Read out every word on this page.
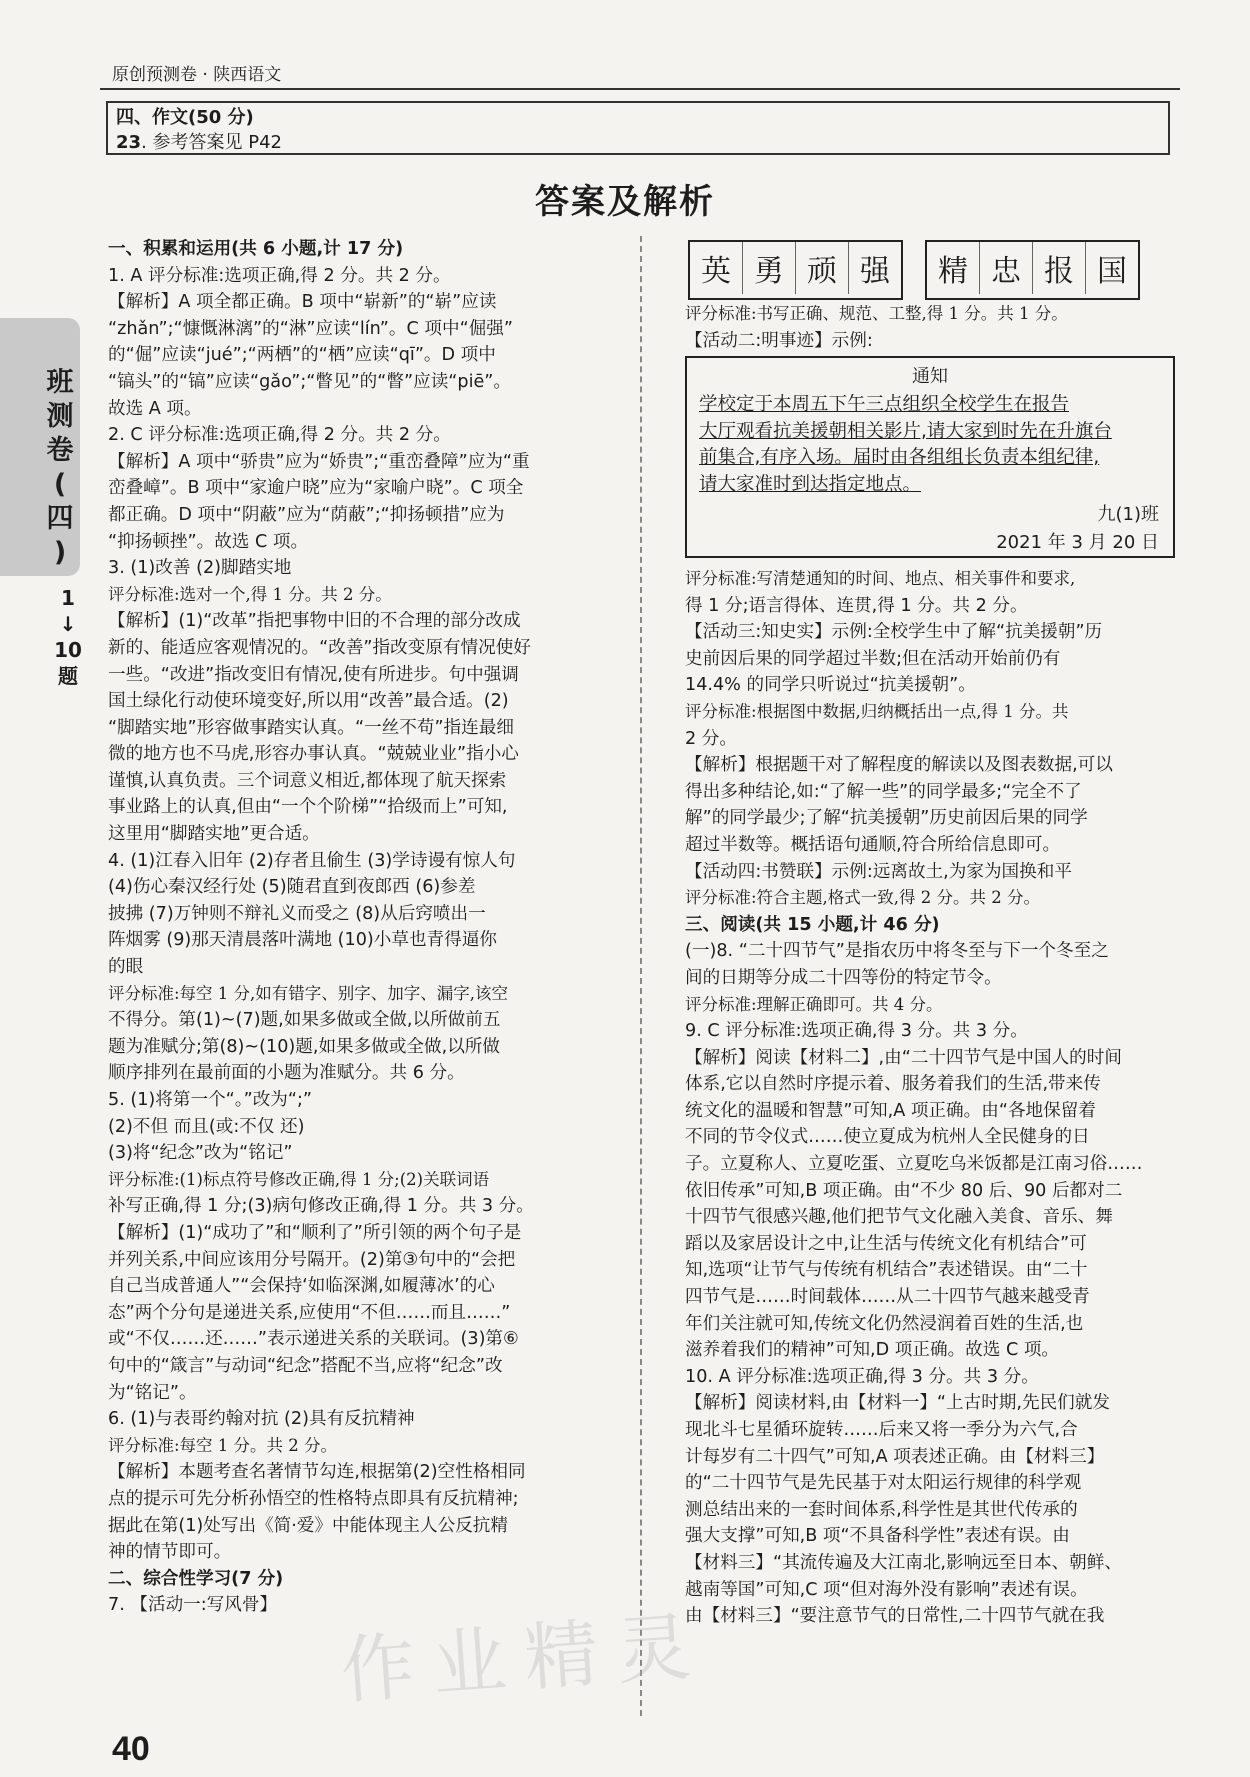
原创预测卷 · 陕西语文
四、作文(50 分)
23. 参考答案见 P42
答案及解析
班
测
卷
(
四
)
1
↓
10
题
一、积累和运用(共 6 小题,计 17 分)
1. A 评分标准:选项正确,得 2 分。共 2 分。
【解析】A 项全都正确。B 项中“崭新”的“崭”应读
“zhǎn”;“慷慨淋漓”的“淋”应读“lín”。C 项中“倔强”
的“倔”应读“jué”;“两栖”的“栖”应读“qī”。D 项中
“镐头”的“镐”应读“gǎo”;“瞥见”的“瞥”应读“piē”。
故选 A 项。
2. C 评分标准:选项正确,得 2 分。共 2 分。
【解析】A 项中“骄贵”应为“娇贵”;“重峦叠障”应为“重
峦叠嶂”。B 项中“家逾户晓”应为“家喻户晓”。C 项全
都正确。D 项中“阴蔽”应为“荫蔽”;“抑扬顿措”应为
“抑扬顿挫”。故选 C 项。
3. (1)改善 (2)脚踏实地
评分标准:选对一个,得 1 分。共 2 分。
【解析】(1)“改革”指把事物中旧的不合理的部分改成
新的、能适应客观情况的。“改善”指改变原有情况使好
一些。“改进”指改变旧有情况,使有所进步。句中强调
国土绿化行动使环境变好,所以用“改善”最合适。(2)
“脚踏实地”形容做事踏实认真。“一丝不苟”指连最细
微的地方也不马虎,形容办事认真。“兢兢业业”指小心
谨慎,认真负责。三个词意义相近,都体现了航天探索
事业路上的认真,但由“一个个阶梯”“拾级而上”可知,
这里用“脚踏实地”更合适。
4. (1)江春入旧年 (2)存者且偷生 (3)学诗谩有惊人句
(4)伤心秦汉经行处 (5)随君直到夜郎西 (6)参差
披拂 (7)万钟则不辩礼义而受之 (8)从后窍喷出一
阵烟雾 (9)那天清晨落叶满地 (10)小草也青得逼你
的眼
评分标准:每空 1 分,如有错字、别字、加字、漏字,该空
不得分。第(1)~(7)题,如果多做或全做,以所做前五
题为准赋分;第(8)~(10)题,如果多做或全做,以所做
顺序排列在最前面的小题为准赋分。共 6 分。
5. (1)将第一个“。”改为“;”
(2)不但 而且(或:不仅 还)
(3)将“纪念”改为“铭记”
评分标准:(1)标点符号修改正确,得 1 分;(2)关联词语
补写正确,得 1 分;(3)病句修改正确,得 1 分。共 3 分。
【解析】(1)“成功了”和“顺利了”所引领的两个句子是
并列关系,中间应该用分号隔开。(2)第③句中的“会把
自己当成普通人”“会保持‘如临深渊,如履薄冰’的心
态”两个分句是递进关系,应使用“不但……而且……”
或“不仅……还……”表示递进关系的关联词。(3)第⑥
句中的“箴言”与动词“纪念”搭配不当,应将“纪念”改
为“铭记”。
6. (1)与表哥约翰对抗 (2)具有反抗精神
评分标准:每空 1 分。共 2 分。
【解析】本题考查名著情节勾连,根据第(2)空性格相同
点的提示可先分析孙悟空的性格特点即具有反抗精神;
据此在第(1)处写出《简·爱》中能体现主人公反抗精
神的情节即可。
二、综合性学习(7 分)
7. 【活动一:写风骨】
英 勇 顽 强	精 忠 报 国
评分标准:书写正确、规范、工整,得 1 分。共 1 分。
【活动二:明事迹】示例:
通知
学校定于本周五下午三点组织全校学生在报告
大厅观看抗美援朝相关影片,请大家到时先在升旗台
前集合,有序入场。届时由各组组长负责本组纪律,
请大家准时到达指定地点。
九(1)班
2021 年 3 月 20 日
评分标准:写清楚通知的时间、地点、相关事件和要求,
得 1 分;语言得体、连贯,得 1 分。共 2 分。
【活动三:知史实】示例:全校学生中了解“抗美援朝”历
史前因后果的同学超过半数;但在活动开始前仍有
14.4% 的同学只听说过“抗美援朝”。
评分标准:根据图中数据,归纳概括出一点,得 1 分。共
2 分。
【解析】根据题干对了解程度的解读以及图表数据,可以
得出多种结论,如:“了解一些”的同学最多;“完全不了
解”的同学最少;了解“抗美援朝”历史前因后果的同学
超过半数等。概括语句通顺,符合所给信息即可。
【活动四:书赞联】示例:远离故土,为家为国换和平
评分标准:符合主题,格式一致,得 2 分。共 2 分。
三、阅读(共 15 小题,计 46 分)
(一)8. “二十四节气”是指农历中将冬至与下一个冬至之
间的日期等分成二十四等份的特定节令。
评分标准:理解正确即可。共 4 分。
9. C 评分标准:选项正确,得 3 分。共 3 分。
【解析】阅读【材料二】,由“二十四节气是中国人的时间
体系,它以自然时序提示着、服务着我们的生活,带来传
统文化的温暖和智慧”可知,A 项正确。由“各地保留着
不同的节令仪式……使立夏成为杭州人全民健身的日
子。立夏称人、立夏吃蛋、立夏吃乌米饭都是江南习俗……
依旧传承”可知,B 项正确。由“不少 80 后、90 后都对二
十四节气很感兴趣,他们把节气文化融入美食、音乐、舞
蹈以及家居设计之中,让生活与传统文化有机结合”可
知,选项“让节气与传统有机结合”表述错误。由“二十
四节气是……时间载体……从二十四节气越来越受青
年们关注就可知,传统文化仍然浸润着百姓的生活,也
滋养着我们的精神”可知,D 项正确。故选 C 项。
10. A 评分标准:选项正确,得 3 分。共 3 分。
【解析】阅读材料,由【材料一】“上古时期,先民们就发
现北斗七星循环旋转……后来又将一季分为六气,合
计每岁有二十四气”可知,A 项表述正确。由【材料三】
的“二十四节气是先民基于对太阳运行规律的科学观
测总结出来的一套时间体系,科学性是其世代传承的
强大支撑”可知,B 项“不具备科学性”表述有误。由
【材料三】“其流传遍及大江南北,影响远至日本、朝鲜、
越南等国”可知,C 项“但对海外没有影响”表述有误。
由【材料三】“要注意节气的日常性,二十四节气就在我
40
作业精灵
